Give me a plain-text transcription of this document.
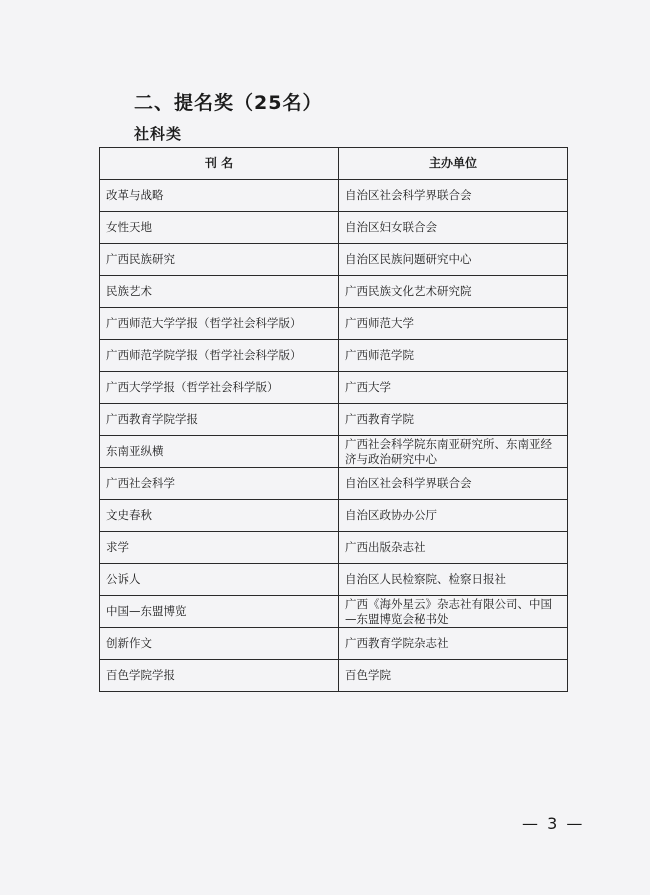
二、提名奖（25名）
社科类
刊 名	主办单位
改革与战略	自治区社会科学界联合会
女性天地	自治区妇女联合会
广西民族研究	自治区民族问题研究中心
民族艺术	广西民族文化艺术研究院
广西师范大学学报（哲学社会科学版）	广西师范大学
广西师范学院学报（哲学社会科学版）	广西师范学院
广西大学学报（哲学社会科学版）	广西大学
广西教育学院学报	广西教育学院
东南亚纵横	广西社会科学院东南亚研究所、东南亚经济与政治研究中心
广西社会科学	自治区社会科学界联合会
文史春秋	自治区政协办公厅
求学	广西出版杂志社
公诉人	自治区人民检察院、检察日报社
中国—东盟博览	广西《海外星云》杂志社有限公司、中国—东盟博览会秘书处
创新作文	广西教育学院杂志社
百色学院学报	百色学院
— 3 —
